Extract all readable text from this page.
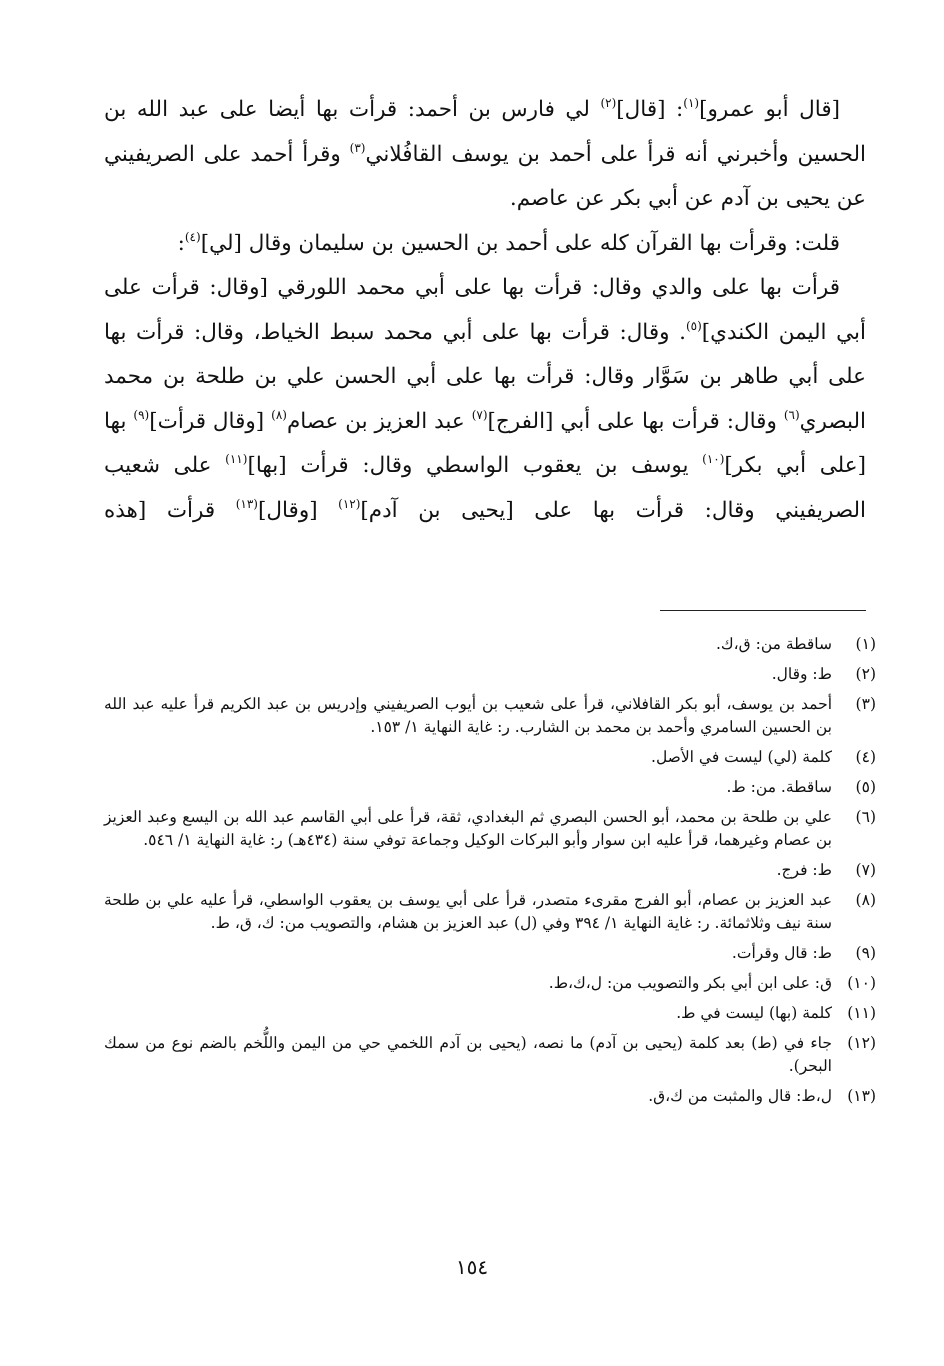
[قال أبو عمرو]$^{(١)}$: [قال]$^{(٢)}$ لي فارس بن أحمد: قرأت بها أيضا على عبد الله بن الحسين وأخبرني أنه قرأ على أحمد بن يوسف القافُلاني$^{(٣)}$ وقرأ أحمد على الصريفيني عن يحيى بن آدم عن أبي بكر عن عاصم.

قلت: وقرأت بها القرآن كله على أحمد بن الحسين بن سليمان وقال [لي]$^{(٤)}$:

قرأت بها على والدي وقال: قرأت بها على أبي محمد اللورقي [وقال: قرأت على أبي اليمن الكندي]$^{(٥)}$. وقال: قرأت بها على أبي محمد سبط الخياط، وقال: قرأت بها على أبي طاهر بن سَوَّار وقال: قرأت بها على أبي الحسن علي بن طلحة بن محمد البصري$^{(٦)}$ وقال: قرأت بها على أبي [الفرج]$^{(٧)}$ عبد العزيز بن عصام$^{(٨)}$ [وقال قرأت]$^{(٩)}$ بها [على أبي بكر]$^{(١٠)}$ يوسف بن يعقوب الواسطي وقال: قرأت [بها]$^{(١١)}$ على شعيب الصريفيني وقال: قرأت بها على [يحيى بن آدم]$^{(١٢)}$ [وقال]$^{(١٣)}$ قرأت [هذه

(١)
ساقطة من: ق،ك.
(٢)
ط: وقال.
(٣)
أحمد بن يوسف، أبو بكر القافلاني، قرأ على شعيب بن أيوب الصريفيني وإدريس بن عبد الكريم قرأ عليه عبد الله بن الحسين السامري وأحمد بن محمد بن الشارب. ر: غاية النهاية ١/ ١٥٣.
(٤)
كلمة (لي) ليست في الأصل.
(٥)
ساقطة. من: ط.
(٦)
علي بن طلحة بن محمد، أبو الحسن البصري ثم البغدادي، ثقة، قرأ على أبي القاسم عبد الله بن اليسع وعبد العزيز بن عصام وغيرهما، قرأ عليه ابن سوار وأبو البركات الوكيل وجماعة توفي سنة (٤٣٤هـ) ر: غاية النهاية ١/ ٥٤٦.
(٧)
ط: فرج.
(٨)
عبد العزيز بن عصام، أبو الفرج مقرىء متصدر، قرأ على أبي يوسف بن يعقوب الواسطي، قرأ عليه علي بن طلحة سنة نيف وثلاثمائة. ر: غاية النهاية ١/ ٣٩٤ وفي (ل) عبد العزيز بن هشام، والتصويب من: ك، ق، ط.
(٩)
ط: قال وقرأت.
(١٠)
ق: على ابن أبي بكر والتصويب من: ل،ك،ط.
(١١)
كلمة (بها) ليست في ط.
(١٢)
جاء في (ط) بعد كلمة (يحيى بن آدم) ما نصه، (يحيى بن آدم اللخمي حي من اليمن واللُّخم بالضم نوع من سمك البحر).
(١٣)
ل،ط: قال والمثبت من ك،ق.
١٥٤
